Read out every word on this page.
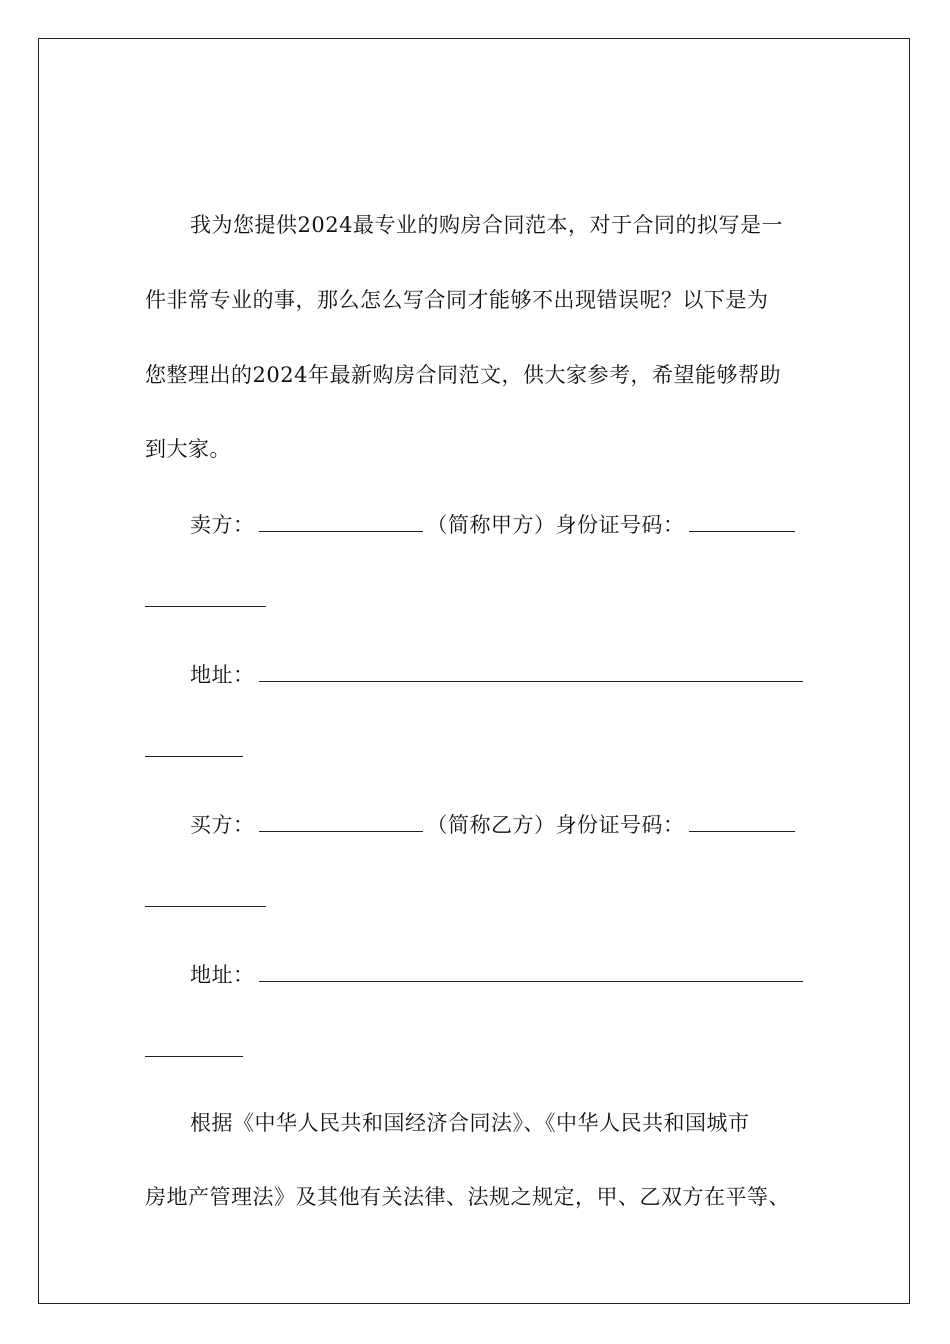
我为您提供2024最专业的购房合同范本，对于合同的拟写是一
件非常专业的事，那么怎么写合同才能够不出现错误呢？以下是为
您整理出的2024年最新购房合同范文，供大家参考，希望能够帮助
到大家。
卖方：	（简称甲方）身份证号码：
地址：
买方：	（简称乙方）身份证号码：
地址：
根据《中华人民共和国经济合同法》、《中华人民共和国城市
房地产管理法》及其他有关法律、法规之规定，甲、乙双方在平等、
